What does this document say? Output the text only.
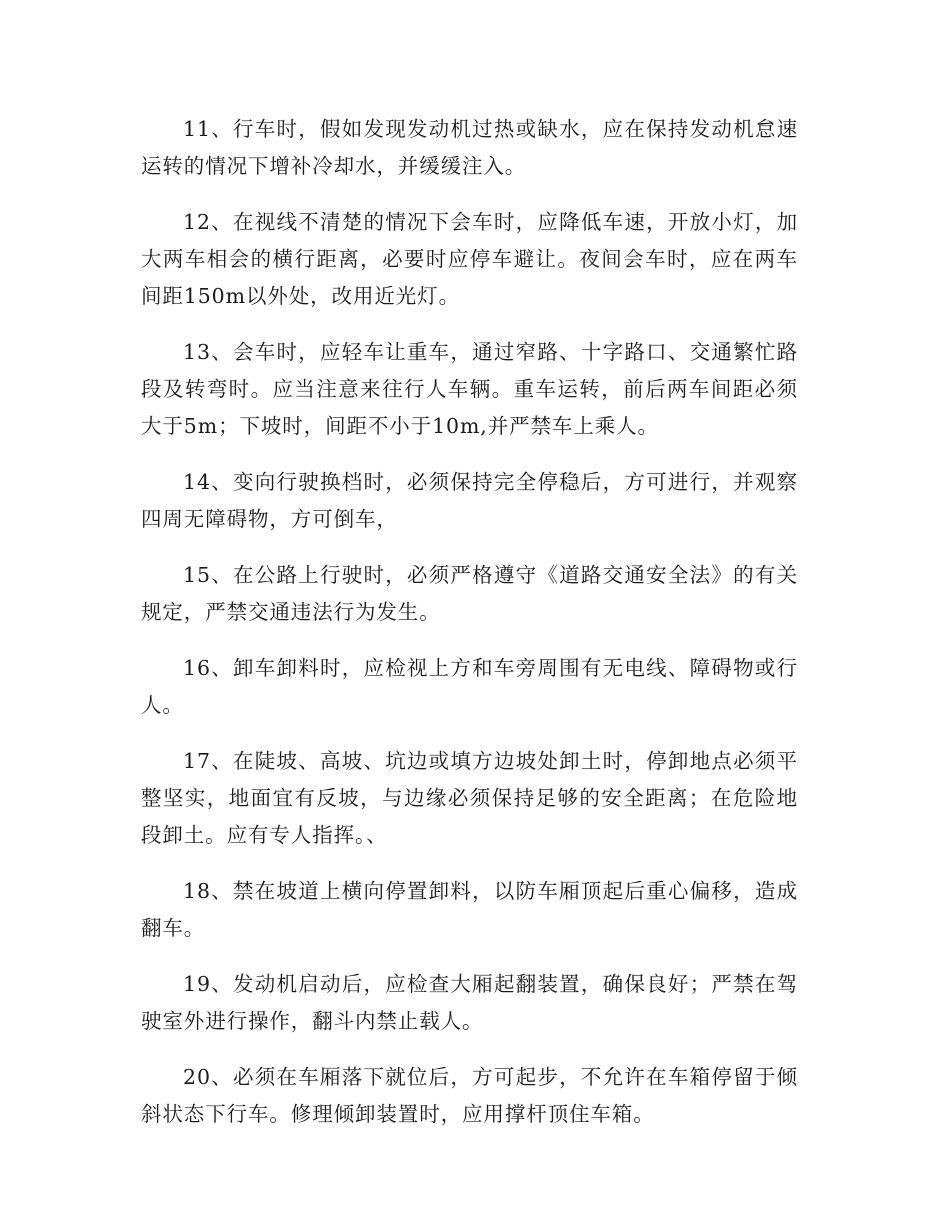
11、行车时，假如发现发动机过热或缺水，应在保持发动机怠速运转的情况下增补冷却水，并缓缓注入。

12、在视线不清楚的情况下会车时，应降低车速，开放小灯，加大两车相会的横行距离，必要时应停车避让。夜间会车时，应在两车间距150m以外处，改用近光灯。

13、会车时，应轻车让重车，通过窄路、十字路口、交通繁忙路段及转弯时。应当注意来往行人车辆。重车运转，前后两车间距必须大于5m；下坡时，间距不小于10m,并严禁车上乘人。

14、变向行驶换档时，必须保持完全停稳后，方可进行，并观察四周无障碍物，方可倒车，

15、在公路上行驶时，必须严格遵守《道路交通安全法》的有关规定，严禁交通违法行为发生。

16、卸车卸料时，应检视上方和车旁周围有无电线、障碍物或行人。

17、在陡坡、高坡、坑边或填方边坡处卸土时，停卸地点必须平整坚实，地面宜有反坡，与边缘必须保持足够的安全距离；在危险地段卸土。应有专人指挥。、

18、禁在坡道上横向停置卸料，以防车厢顶起后重心偏移，造成翻车。

19、发动机启动后，应检查大厢起翻装置，确保良好；严禁在驾驶室外进行操作，翻斗内禁止载人。

20、必须在车厢落下就位后，方可起步，不允许在车箱停留于倾斜状态下行车。修理倾卸装置时，应用撑杆顶住车箱。
